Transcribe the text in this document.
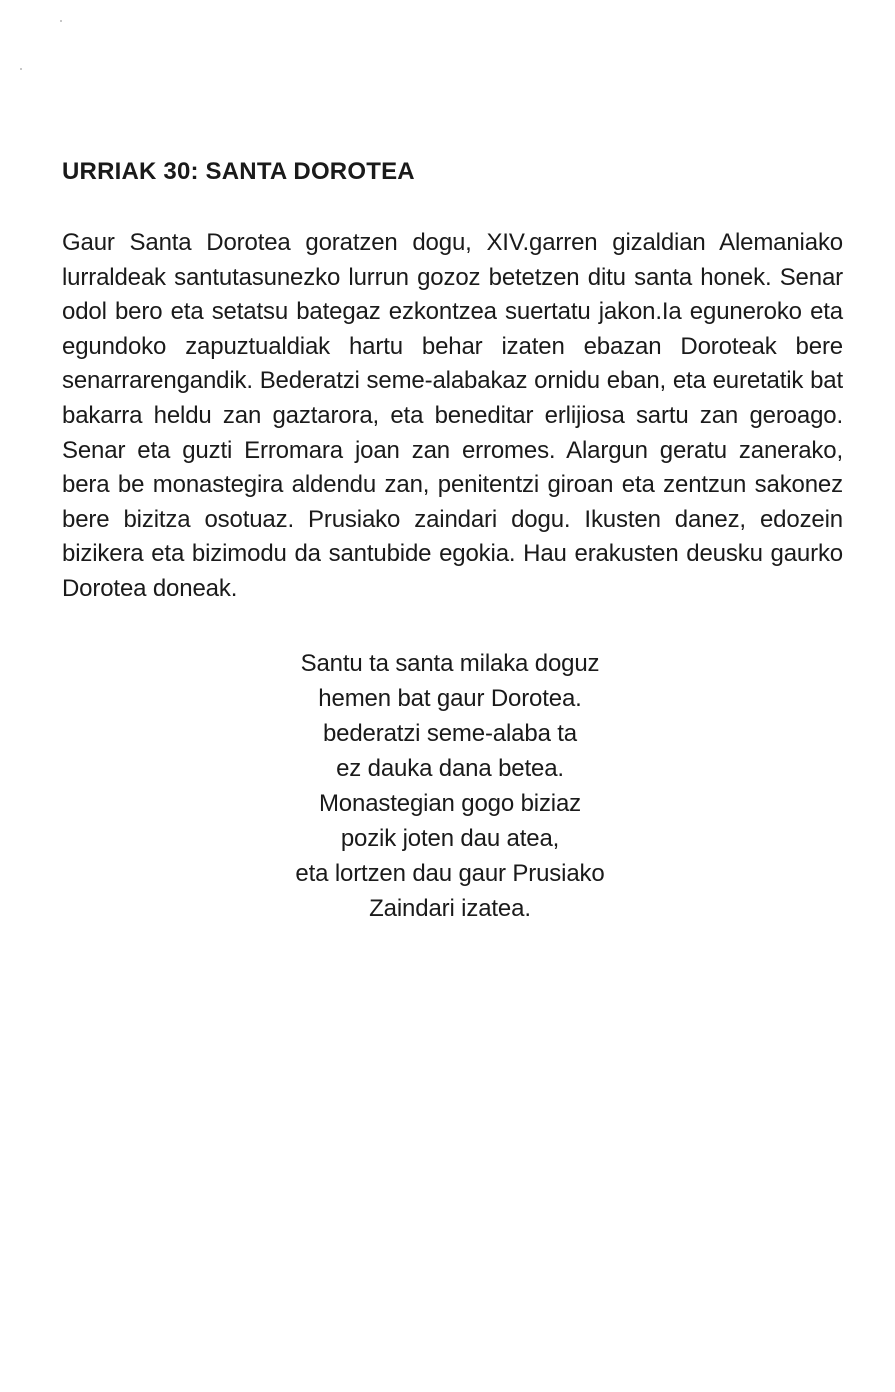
URRIAK 30: SANTA DOROTEA

Gaur Santa Dorotea goratzen dogu, XIV.garren gizaldian Alemaniako lurraldeak santutasunezko lurrun gozoz betetzen ditu santa honek. Senar odol bero eta setatsu bategaz ezkontzea suertatu jakon.Ia eguneroko eta egundoko zapuztualdiak hartu behar izaten ebazan Doroteak bere senarrarengandik. Bederatzi seme-alabakaz ornidu eban, eta euretatik bat bakarra heldu zan gaztarora, eta beneditar erlijiosa sartu zan geroago. Senar eta guzti Erromara joan zan erromes. Alargun geratu zanerako, bera be monastegira aldendu zan, penitentzi giroan eta zentzun sakonez bere bizitza osotuaz. Prusiako zaindari dogu. Ikusten danez, edozein bizikera eta bizimodu da santubide egokia. Hau erakusten deusku gaurko Dorotea doneak.

Santu ta santa milaka doguz
hemen bat gaur Dorotea.
bederatzi seme-alaba ta
ez dauka dana betea.
Monastegian gogo biziaz
pozik joten dau atea,
eta lortzen dau gaur Prusiako
Zaindari izatea.
